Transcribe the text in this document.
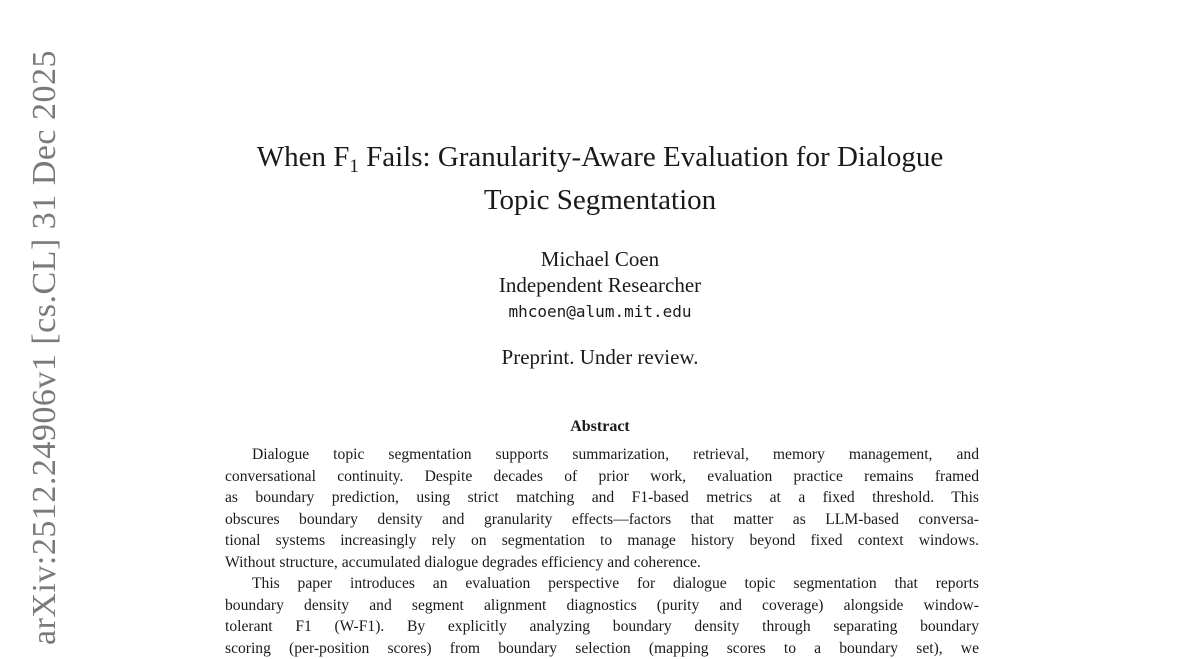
arXiv:2512.24906v1 [cs.CL] 31 Dec 2025	When $F_1$ Fails: Granularity-Aware Evaluation for Dialogue
Topic Segmentation
Michael Coen
Independent Researcher
mhcoen@alum.mit.edu
Preprint. Under review.
Abstract

Dialogue topic segmentation supports summarization, retrieval, memory management, and
conversational continuity. Despite decades of prior work, evaluation practice remains framed
as boundary prediction, using strict matching and F1-based metrics at a fixed threshold. This
obscures boundary density and granularity effects—factors that matter as LLM-based conversa-
tional systems increasingly rely on segmentation to manage history beyond fixed context windows.
Without structure, accumulated dialogue degrades efficiency and coherence.

This paper introduces an evaluation perspective for dialogue topic segmentation that reports
boundary density and segment alignment diagnostics (purity and coverage) alongside window-
tolerant F1 (W-F1). By explicitly analyzing boundary density through separating boundary
scoring (per-position scores) from boundary selection (mapping scores to a boundary set), we
